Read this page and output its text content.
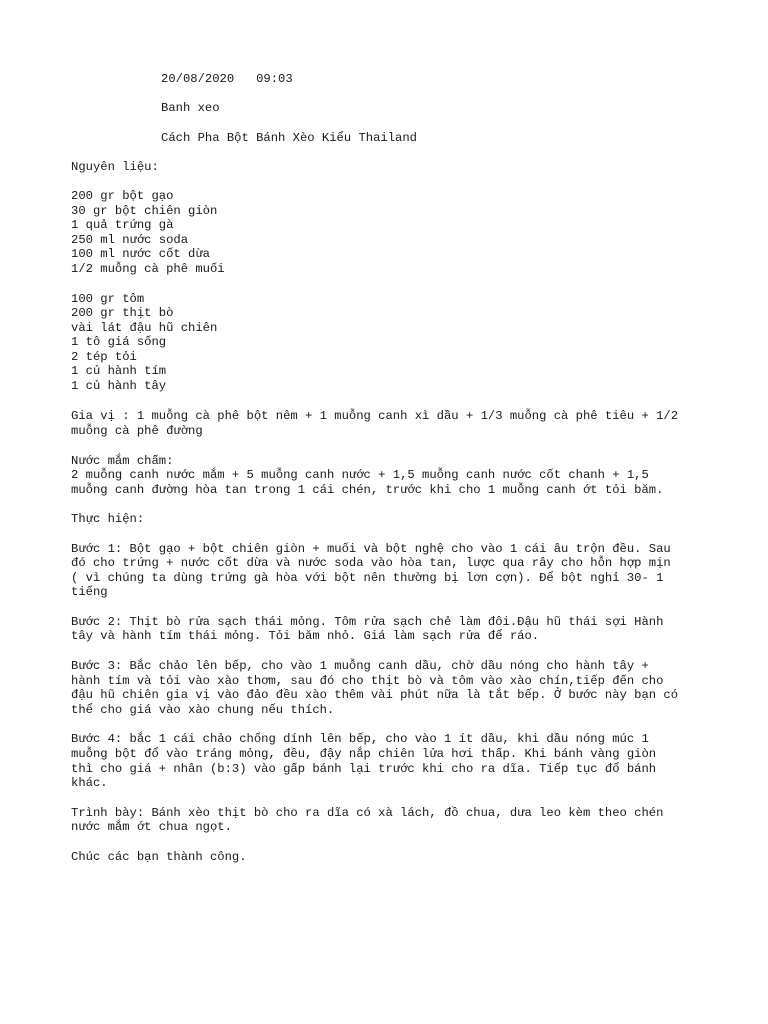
20/08/2020   09:03
Banh xeo
Cách Pha Bột Bánh Xèo Kiểu Thailand
Nguyên liệu:
200 gr bột gạo
30 gr bột chiên giòn
1 quả trứng gà
250 ml nước soda
100 ml nước cốt dừa
1/2 muỗng cà phê muối
100 gr tôm
200 gr thịt bò
vài lát đậu hũ chiên
1 tô giá sống
2 tép tỏi
1 củ hành tím
1 củ hành tây
Gia vị : 1 muỗng cà phê bột nêm + 1 muỗng canh xì dầu + 1/3 muỗng cà phê tiêu + 1/2
muỗng cà phê đường
Nước mắm chấm:
2 muỗng canh nước mắm + 5 muỗng canh nước + 1,5 muỗng canh nước cốt chanh + 1,5
muỗng canh đường hòa tan trong 1 cái chén, trước khi cho 1 muỗng canh ớt tỏi băm.
Thực hiện:
Bước 1: Bột gạo + bột chiên giòn + muối và bột nghệ cho vào 1 cái âu trộn đều. Sau
đó cho trứng + nước cốt dừa và nước soda vào hòa tan, lược qua rây cho hỗn hợp mịn
( vì chúng ta dùng trứng gà hòa với bột nên thường bị lơn cợn). Để bột nghỉ 30- 1
tiếng
Bước 2: Thịt bò rửa sạch thái mỏng. Tôm rửa sạch chẻ làm đôi.Đậu hũ thái sợi Hành
tây và hành tím thái mỏng. Tỏi băm nhỏ. Giá làm sạch rửa để ráo.
Bước 3: Bắc chảo lên bếp, cho vào 1 muỗng canh dầu, chờ dầu nóng cho hành tây +
hành tím và tỏi vào xào thơm, sau đó cho thịt bò và tôm vào xào chín,tiếp đến cho
đậu hũ chiên gia vị vào đảo đều xào thêm vài phút nữa là tắt bếp. Ở bước này bạn có
thể cho giá vào xào chung nếu thích.
Bước 4: bắc 1 cái chảo chống dính lên bếp, cho vào 1 ít dầu, khi dầu nóng múc 1
muỗng bột đổ vào tráng mỏng, đều, đậy nắp chiên lửa hơi thấp. Khi bánh vàng giòn
thì cho giá + nhân (b:3) vào gấp bánh lại trước khi cho ra dĩa. Tiếp tục đổ bánh
khác.
Trình bày: Bánh xèo thịt bò cho ra dĩa có xà lách, đồ chua, dưa leo kèm theo chén
nước mắm ớt chua ngọt.
Chúc các bạn thành công.
